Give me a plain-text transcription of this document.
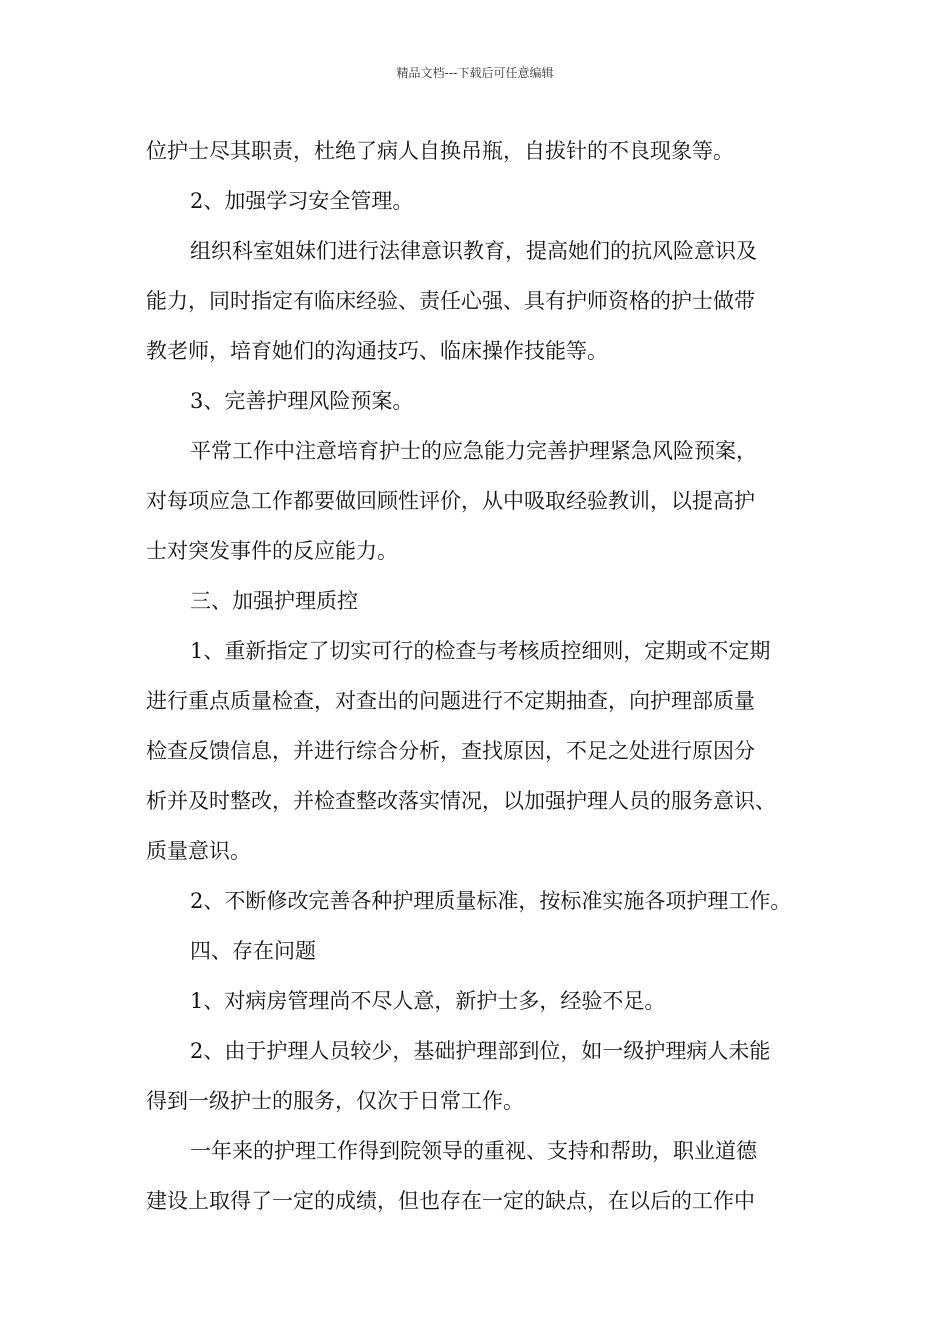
精品文档---下载后可任意编辑
位护士尽其职责，杜绝了病人自换吊瓶，自拔针的不良现象等。
2、加强学习安全管理。
组织科室姐妹们进行法律意识教育，提高她们的抗风险意识及
能力，同时指定有临床经验、责任心强、具有护师资格的护士做带
教老师，培育她们的沟通技巧、临床操作技能等。
3、完善护理风险预案。
平常工作中注意培育护士的应急能力完善护理紧急风险预案，
对每项应急工作都要做回顾性评价，从中吸取经验教训，以提高护
士对突发事件的反应能力。
三、加强护理质控
1、重新指定了切实可行的检查与考核质控细则，定期或不定期
进行重点质量检查，对查出的问题进行不定期抽查，向护理部质量
检查反馈信息，并进行综合分析，查找原因，不足之处进行原因分
析并及时整改，并检查整改落实情况，以加强护理人员的服务意识、
质量意识。
2、不断修改完善各种护理质量标准，按标准实施各项护理工作。
四、存在问题
1、对病房管理尚不尽人意，新护士多，经验不足。
2、由于护理人员较少，基础护理部到位，如一级护理病人未能
得到一级护士的服务，仅次于日常工作。
一年来的护理工作得到院领导的重视、支持和帮助，职业道德
建设上取得了一定的成绩，但也存在一定的缺点，在以后的工作中
